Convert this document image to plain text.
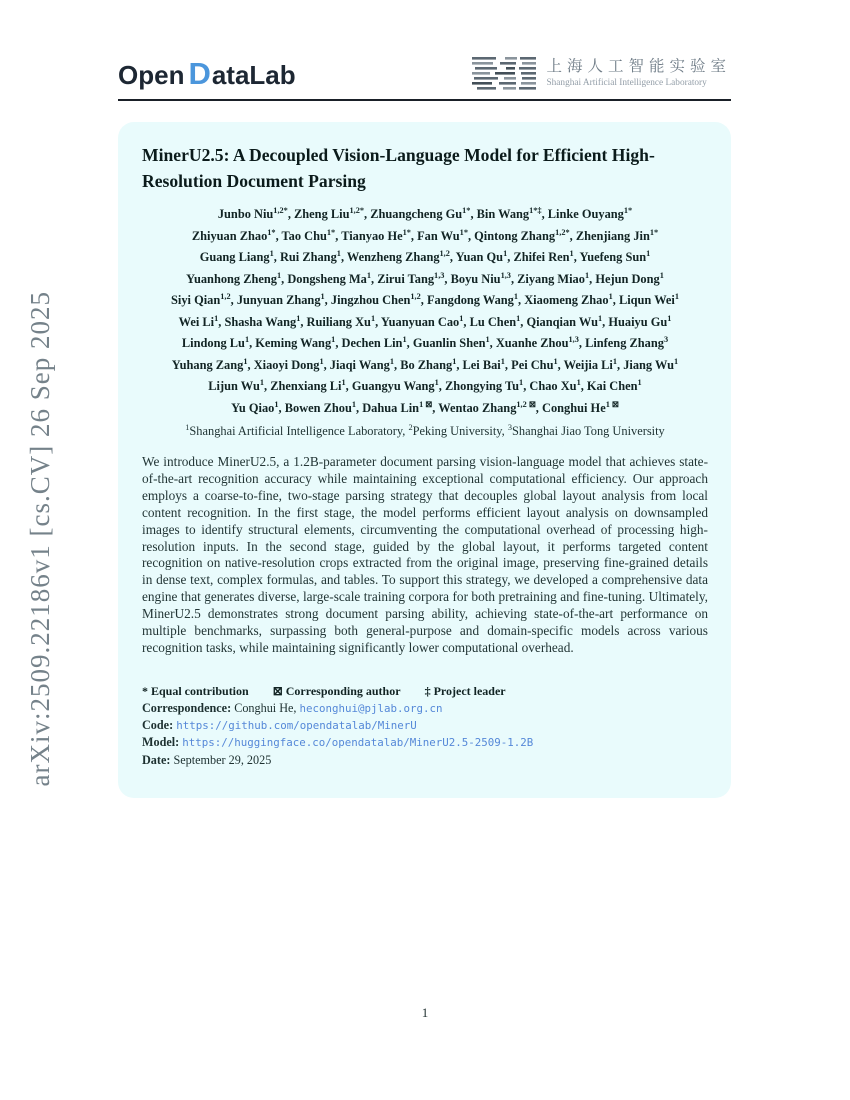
Open D ataLab	上海人工智能实验室
Shanghai Artificial Intelligence Laboratory
MinerU2.5: A Decoupled Vision-Language Model for Efficient High-Resolution Document Parsing
Junbo Niu$^{1,2*}$, Zheng Liu$^{1,2*}$, Zhuangcheng $Gu^{1*}$, Bin Wang$^{1*\ddagger}$, Linke Ouyang$^{1*}$
Zhiyuan Zhao$^{1*}$, Tao Chu$^{1*}$, Tianyao $He^{1*}$, Fan $Wu^{1*}$, Qintong Zhang$^{1,2*}$, Zhenjiang Jin$^{1*}$
Guang Liang$^1$, Rui Zhang$^1$, Wenzheng Zhang$^{1,2}$, Yuan Qu$^1$, Zhifei Ren$^1$, Yuefeng Sun$^1$
Yuanhong Zheng$^1$, Dongsheng Ma$^1$, Zirui Tang$^{1,3}$, Boyu Niu$^{1,3}$, Ziyang Miao$^1$, Hejun Dong$^1$
Siyi Qian$^{1,2}$, Junyuan Zhang$^1$, Jingzhou Chen$^{1,2}$, Fangdong Wang$^1$, Xiaomeng Zhao$^1$, Liqun Wei$^1$
Wei Li$^1$, Shasha Wang$^1$, Ruiliang Xu$^1$, Yuanyuan Cao$^1$, Lu Chen$^1$, Qianqian Wu$^1$, Huaiyu Gu$^1$
Lindong Lu$^1$, Keming Wang$^1$, Dechen Lin$^1$, Guanlin Shen$^1$, Xuanhe Zhou$^{1,3}$, Linfeng Zhang$^3$
Yuhang Zang$^1$, Xiaoyi Dong$^1$, Jiaqi Wang$^1$, Bo Zhang$^1$, Lei Bai$^1$, Pei Chu$^1$, Weijia Li$^1$, Jiang Wu$^1$
Lijun Wu$^1$, Zhenxiang Li$^1$, Guangyu Wang$^1$, Zhongying Tu$^1$, Chao Xu$^1$, Kai Chen$^1$
Yu Qiao$^1$, Bowen Zhou$^1$, Dahua Lin$^{1 ⊠}$, Wentao Zhang$^{1,2 ⊠}$, Conghui $He^{1 ⊠}$
$^1$Shanghai Artificial Intelligence Laboratory, $^2$Peking University, $^3$Shanghai Jiao Tong University

We introduce MinerU2.5, a 1.2B-parameter document parsing vision-language model that achieves state-of-the-art recognition accuracy while maintaining exceptional computational efficiency. Our approach employs a coarse-to-fine, two-stage parsing strategy that decouples global layout analysis from local content recognition. In the first stage, the model performs efficient layout analysis on downsampled images to identify structural elements, circumventing the computational overhead of processing high-resolution inputs. In the second stage, guided by the global layout, it performs targeted content recognition on native-resolution crops extracted from the original image, preserving fine-grained details in dense text, complex formulas, and tables. To support this strategy, we developed a comprehensive data engine that generates diverse, large-scale training corpora for both pretraining and fine-tuning. Ultimately, MinerU2.5 demonstrates strong document parsing ability, achieving state-of-the-art performance on multiple benchmarks, surpassing both general-purpose and domain-specific models across various recognition tasks, while maintaining significantly lower computational overhead.

* Equal contribution ⊠ Corresponding author ‡ Project leader
Correspondence: Conghui He, heconghui@pjlab.org.cn
Code: https://github.com/opendatalab/MinerU
Model: https://huggingface.co/opendatalab/MinerU2.5-2509-1.2B
Date: September 29, 2025
arXiv:2509.22186v1 [cs.CV] 26 Sep 2025
1
